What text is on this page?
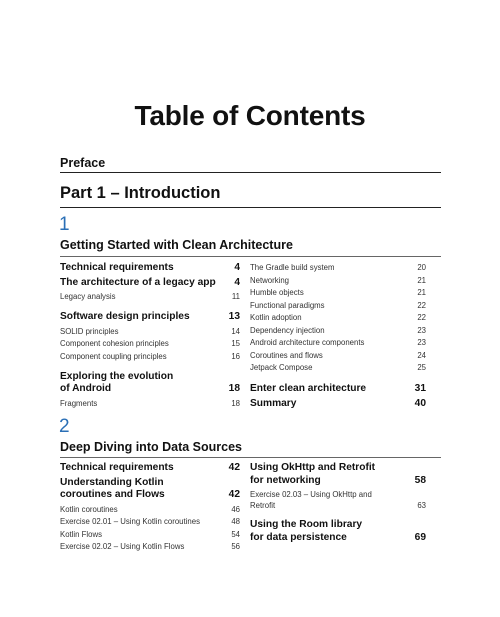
Table of Contents
Preface
Part 1 – Introduction
1
Getting Started with Clean Architecture
Technical requirements	4
The architecture of a legacy app	4
Legacy analysis	11
Software design principles	13
SOLID principles	14
Component cohesion principles	15
Component coupling principles	16
Exploring the evolution
of Android	18
Fragments	18
The Gradle build system	20
Networking	21
Humble objects	21
Functional paradigms	22
Kotlin adoption	22
Dependency injection	23
Android architecture components	23
Coroutines and flows	24
Jetpack Compose	25
Enter clean architecture	31
Summary	40
2
Deep Diving into Data Sources
Technical requirements	42
Understanding Kotlin
coroutines and Flows	42
Kotlin coroutines	46
Exercise 02.01 – Using Kotlin coroutines	48
Kotlin Flows	54
Exercise 02.02 – Using Kotlin Flows	56
Using OkHttp and Retrofit
for networking	58
Exercise 02.03 – Using OkHttp and
Retrofit	63
Using the Room library
for data persistence	69
